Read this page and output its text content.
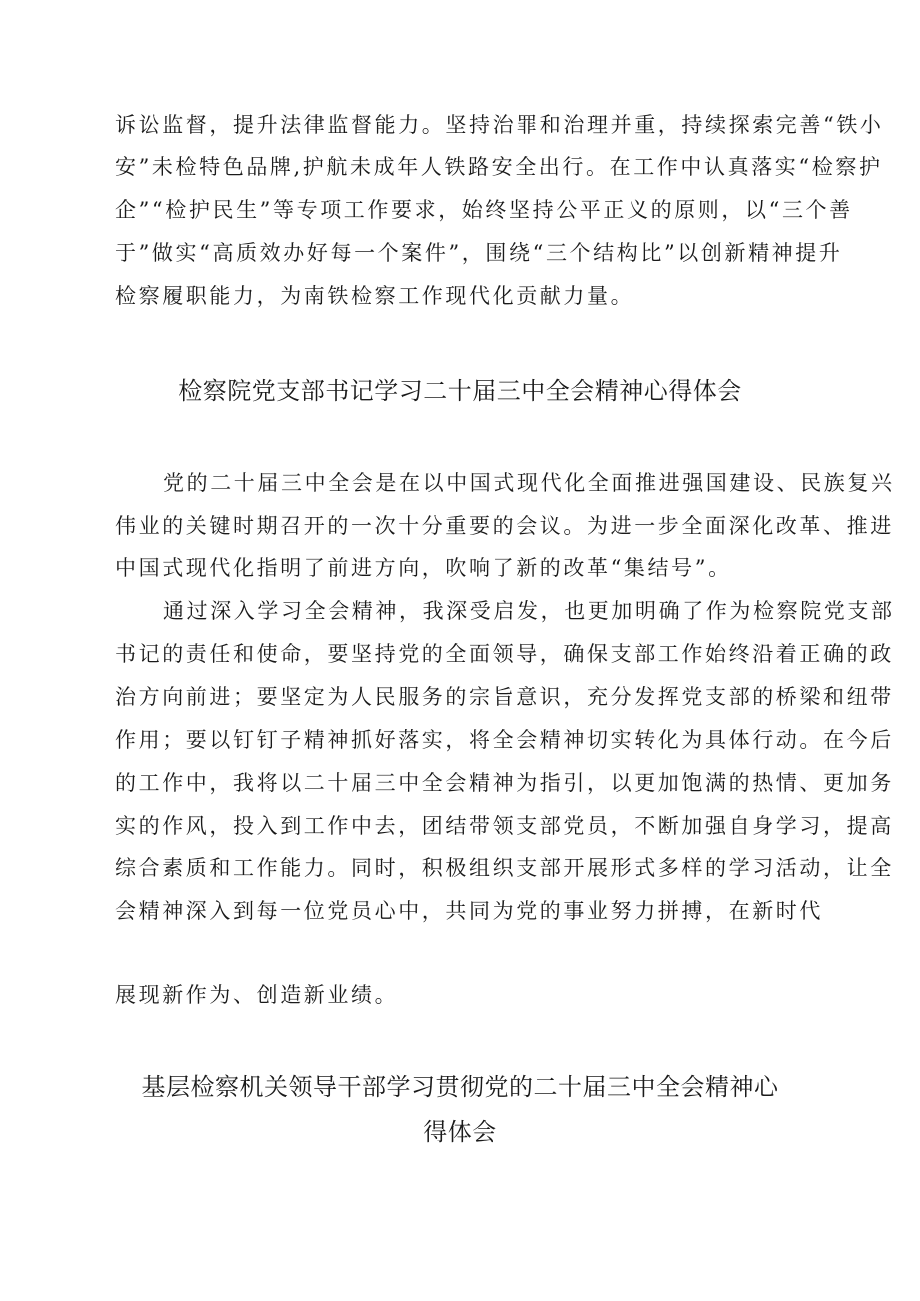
诉讼监督，提升法律监督能力。坚持治罪和治理并重，持续探索完善“铁小
安”未检特色品牌,护航未成年人铁路安全出行。在工作中认真落实“检察护
企”“检护民生”等专项工作要求，始终坚持公平正义的原则，以“三个善
于”做实“高质效办好每一个案件”，围绕“三个结构比”以创新精神提升
检察履职能力，为南铁检察工作现代化贡献力量。
检察院党支部书记学习二十届三中全会精神心得体会
党的二十届三中全会是在以中国式现代化全面推进强国建设、民族复兴
伟业的关键时期召开的一次十分重要的会议。为进一步全面深化改革、推进
中国式现代化指明了前进方向，吹响了新的改革“集结号”。
通过深入学习全会精神，我深受启发，也更加明确了作为检察院党支部
书记的责任和使命，要坚持党的全面领导，确保支部工作始终沿着正确的政
治方向前进；要坚定为人民服务的宗旨意识，充分发挥党支部的桥梁和纽带
作用；要以钉钉子精神抓好落实，将全会精神切实转化为具体行动。在今后
的工作中，我将以二十届三中全会精神为指引，以更加饱满的热情、更加务
实的作风，投入到工作中去，团结带领支部党员，不断加强自身学习，提高
综合素质和工作能力。同时，积极组织支部开展形式多样的学习活动，让全
会精神深入到每一位党员心中，共同为党的事业努力拼搏，在新时代
展现新作为、创造新业绩。
基层检察机关领导干部学习贯彻党的二十届三中全会精神心
得体会
